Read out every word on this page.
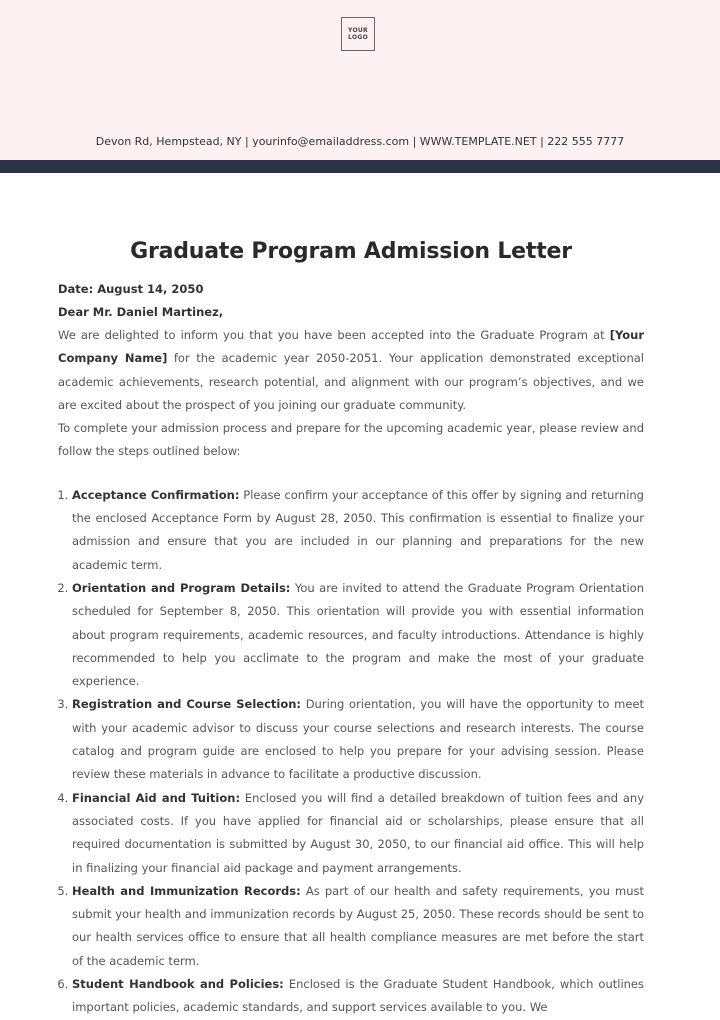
YOUR
LOGO
Devon Rd, Hempstead, NY | yourinfo@emailaddress.com | WWW.TEMPLATE.NET | 222 555 7777
Graduate Program Admission Letter
Date: August 14, 2050
Dear Mr. Daniel Martinez,

We are delighted to inform you that you have been accepted into the Graduate Program at [Your Company Name] for the academic year 2050-2051. Your application demonstrated exceptional academic achievements, research potential, and alignment with our program’s objectives, and we are excited about the prospect of you joining our graduate community.

To complete your admission process and prepare for the upcoming academic year, please review and follow the steps outlined below:

1. Acceptance Confirmation: Please confirm your acceptance of this offer by signing and returning the enclosed Acceptance Form by August 28, 2050. This confirmation is essential to finalize your admission and ensure that you are included in our planning and preparations for the new academic term.
2. Orientation and Program Details: You are invited to attend the Graduate Program Orientation scheduled for September 8, 2050. This orientation will provide you with essential information about program requirements, academic resources, and faculty introductions. Attendance is highly recommended to help you acclimate to the program and make the most of your graduate experience.
3. Registration and Course Selection: During orientation, you will have the opportunity to meet with your academic advisor to discuss your course selections and research interests. The course catalog and program guide are enclosed to help you prepare for your advising session. Please review these materials in advance to facilitate a productive discussion.
4. Financial Aid and Tuition: Enclosed you will find a detailed breakdown of tuition fees and any associated costs. If you have applied for financial aid or scholarships, please ensure that all required documentation is submitted by August 30, 2050, to our financial aid office. This will help in finalizing your financial aid package and payment arrangements.
5. Health and Immunization Records: As part of our health and safety requirements, you must submit your health and immunization records by August 25, 2050. These records should be sent to our health services office to ensure that all health compliance measures are met before the start of the academic term.
6. Student Handbook and Policies: Enclosed is the Graduate Student Handbook, which outlines important policies, academic standards, and support services available to you. We
